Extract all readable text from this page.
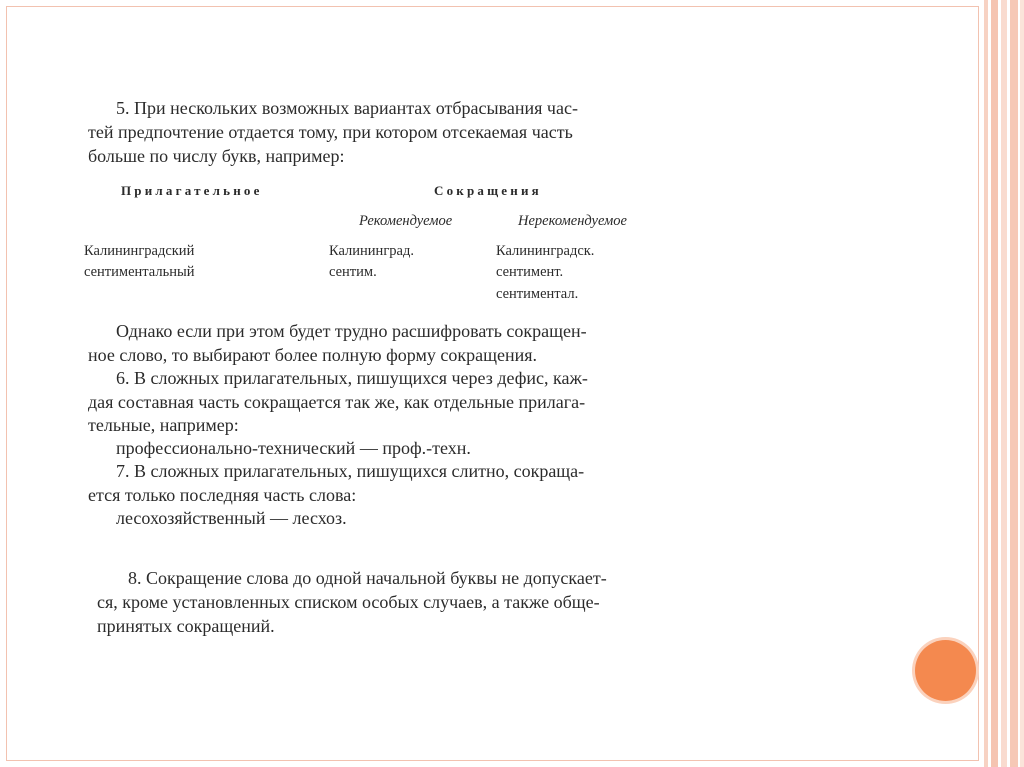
5. При нескольких возможных вариантах отбрасывания час-

тей предпочтение отдается тому, при котором отсекаемая часть

больше по числу букв, например:

Прилагательное	Сокращения

Рекомендуемое	Нерекомендуемое

Калининградский

сентиментальный

Калининград.

сентим.

Калининградск.

сентимент.

сентиментал.

Однако если при этом будет трудно расшифровать сокращен-

ное слово, то выбирают более полную форму сокращения.

6. В сложных прилагательных, пишущихся через дефис, каж-

дая составная часть сокращается так же, как отдельные прилага-

тельные, например:

профессионально-технический — проф.-техн.

7. В сложных прилагательных, пишущихся слитно, сокраща-

ется только последняя часть слова:

лесохозяйственный — лесхоз.

8. Сокращение слова до одной начальной буквы не допускает-

ся, кроме установленных списком особых случаев, а также обще-

принятых сокращений.
